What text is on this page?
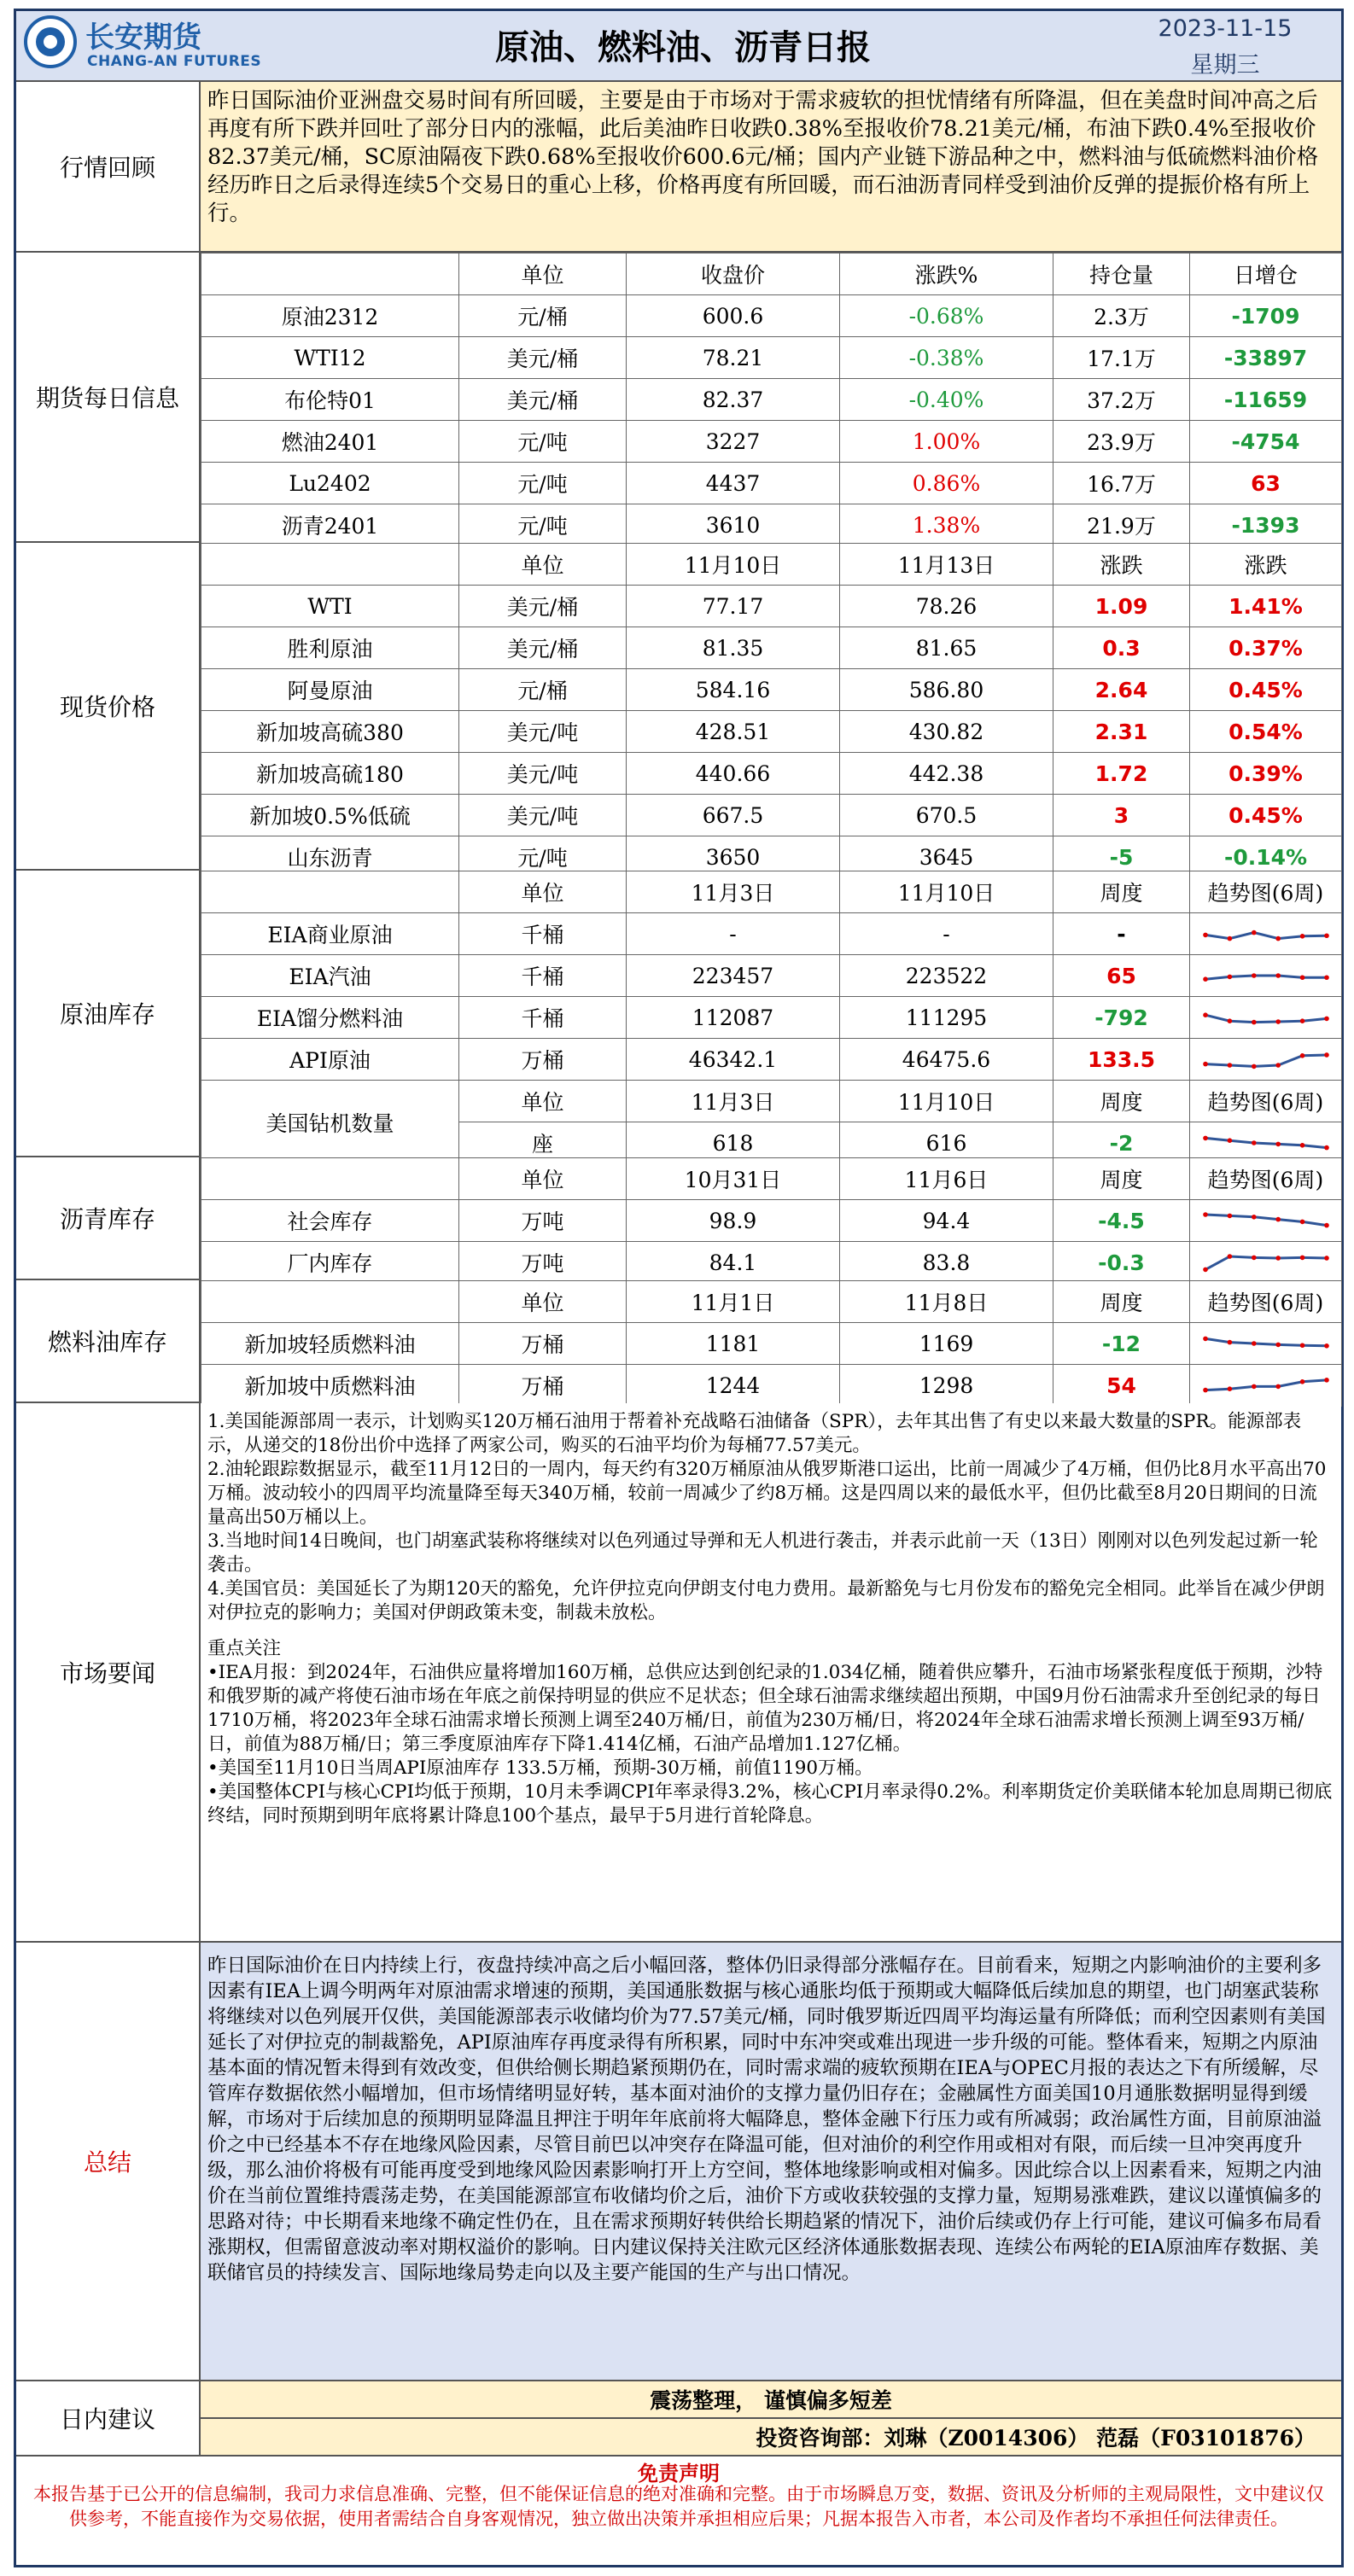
长安期货
CHANG-AN FUTURES	原油、燃料油、沥青日报	2023-11-15
星期三
行情回顾

昨日国际油价亚洲盘交易时间有所回暖，主要是由于市场对于需求疲软的担忧情绪有所降温，但在美盘时间冲高之后再度有所下跌并回吐了部分日内的涨幅，此后美油昨日收跌0.38%至报收价78.21美元/桶，布油下跌0.4%至报收价82.37美元/桶，SC原油隔夜下跌0.68%至报收价600.6元/桶；国内产业链下游品种之中，燃料油与低硫燃料油价格经历昨日之后录得连续5个交易日的重心上移，价格再度有所回暖，而石油沥青同样受到油价反弹的提振价格有所上行。

期货每日信息
	单位	收盘价	涨跌%	持仓量	日增仓
原油2312	元/桶	600.6	-0.68%	2.3万	-1709
WTI12	美元/桶	78.21	-0.38%	17.1万	-33897
布伦特01	美元/桶	82.37	-0.40%	37.2万	-11659
燃油2401	元/吨	3227	1.00%	23.9万	-4754
Lu2402	元/吨	4437	0.86%	16.7万	63
沥青2401	元/吨	3610	1.38%	21.9万	-1393
现货价格
	单位	11月10日	11月13日	涨跌	涨跌
WTI	美元/桶	77.17	78.26	1.09	1.41%
胜利原油	美元/桶	81.35	81.65	0.3	0.37%
阿曼原油	元/桶	584.16	586.80	2.64	0.45%
新加坡高硫380	美元/吨	428.51	430.82	2.31	0.54%
新加坡高硫180	美元/吨	440.66	442.38	1.72	0.39%
新加坡0.5%低硫	美元/吨	667.5	670.5	3	0.45%
山东沥青	元/吨	3650	3645	-5	-0.14%
原油库存
	单位	11月3日	11月10日	周度	趋势图(6周)
EIA商业原油	千桶	-	-	-	

EIA汽油	千桶	223457	223522	65	

EIA馏分燃料油	千桶	112087	111295	-792	

API原油	万桶	46342.1	46475.6	133.5	

美国钻机数量	单位	11月3日	11月10日	周度	趋势图(6周)
	座	618	616	-2	
沥青库存
	单位	10月31日	11月6日	周度	趋势图(6周)
社会库存	万吨	98.9	94.4	-4.5	

厂内库存	万吨	84.1	83.8	-0.3	
燃料油库存
	单位	11月1日	11月8日	周度	趋势图(6周)
新加坡轻质燃料油	万桶	1181	1169	-12	

新加坡中质燃料油	万桶	1244	1298	54	
市场要闻

1.美国能源部周一表示，计划购买120万桶石油用于帮着补充战略石油储备（SPR），去年其出售了有史以来最大数量的SPR。能源部表示，从递交的18份出价中选择了两家公司，购买的石油平均价为每桶77.57美元。

2.油轮跟踪数据显示，截至11月12日的一周内，每天约有320万桶原油从俄罗斯港口运出，比前一周减少了4万桶，但仍比8月水平高出70万桶。波动较小的四周平均流量降至每天340万桶，较前一周减少了约8万桶。这是四周以来的最低水平，但仍比截至8月20日期间的日流量高出50万桶以上。

3.当地时间14日晚间，也门胡塞武装称将继续对以色列通过导弹和无人机进行袭击，并表示此前一天（13日）刚刚对以色列发起过新一轮袭击。

4.美国官员：美国延长了为期120天的豁免，允许伊拉克向伊朗支付电力费用。最新豁免与七月份发布的豁免完全相同。此举旨在减少伊朗对伊拉克的影响力；美国对伊朗政策未变，制裁未放松。

重点关注

•IEA月报：到2024年，石油供应量将增加160万桶，总供应达到创纪录的1.034亿桶，随着供应攀升，石油市场紧张程度低于预期，沙特和俄罗斯的减产将使石油市场在年底之前保持明显的供应不足状态；但全球石油需求继续超出预期，中国9月份石油需求升至创纪录的每日1710万桶，将2023年全球石油需求增长预测上调至240万桶/日，前值为230万桶/日，将2024年全球石油需求增长预测上调至93万桶/日，前值为88万桶/日；第三季度原油库存下降1.414亿桶，石油产品增加1.127亿桶。

•美国至11月10日当周API原油库存 133.5万桶，预期-30万桶，前值1190万桶。

•美国整体CPI与核心CPI均低于预期，10月未季调CPI年率录得3.2%，核心CPI月率录得0.2%。利率期货定价美联储本轮加息周期已彻底终结，同时预期到明年底将累计降息100个基点，最早于5月进行首轮降息。

总结

昨日国际油价在日内持续上行，夜盘持续冲高之后小幅回落，整体仍旧录得部分涨幅存在。目前看来，短期之内影响油价的主要利多因素有IEA上调今明两年对原油需求增速的预期，美国通胀数据与核心通胀均低于预期或大幅降低后续加息的期望，也门胡塞武装称将继续对以色列展开仅供，美国能源部表示收储均价为77.57美元/桶，同时俄罗斯近四周平均海运量有所降低；而利空因素则有美国延长了对伊拉克的制裁豁免，API原油库存再度录得有所积累，同时中东冲突或难出现进一步升级的可能。整体看来，短期之内原油基本面的情况暂未得到有效改变，但供给侧长期趋紧预期仍在，同时需求端的疲软预期在IEA与OPEC月报的表达之下有所缓解，尽管库存数据依然小幅增加，但市场情绪明显好转，基本面对油价的支撑力量仍旧存在；金融属性方面美国10月通胀数据明显得到缓解，市场对于后续加息的预期明显降温且押注于明年年底前将大幅降息，整体金融下行压力或有所减弱；政治属性方面，目前原油溢价之中已经基本不存在地缘风险因素，尽管目前巴以冲突存在降温可能，但对油价的利空作用或相对有限，而后续一旦冲突再度升级，那么油价将极有可能再度受到地缘风险因素影响打开上方空间，整体地缘影响或相对偏多。因此综合以上因素看来，短期之内油价在当前位置维持震荡走势，在美国能源部宣布收储均价之后，油价下方或收获较强的支撑力量，短期易涨难跌，建议以谨慎偏多的思路对待；中长期看来地缘不确定性仍在，且在需求预期好转供给长期趋紧的情况下，油价后续或仍存上行可能，建议可偏多布局看涨期权，但需留意波动率对期权溢价的影响。日内建议保持关注欧元区经济体通胀数据表现、连续公布两轮的EIA原油库存数据、美联储官员的持续发言、国际地缘局势走向以及主要产能国的生产与出口情况。

日内建议
震荡整理， 谨慎偏多短差
投资咨询部：刘琳（Z0014306） 范磊（F03101876）
免责声明
本报告基于已公开的信息编制，我司力求信息准确、完整，但不能保证信息的绝对准确和完整。由于市场瞬息万变，数据、资讯及分析师的主观局限性，文中建议仅供参考，不能直接作为交易依据，使用者需结合自身客观情况，独立做出决策并承担相应后果；凡据本报告入市者，本公司及作者均不承担任何法律责任。
